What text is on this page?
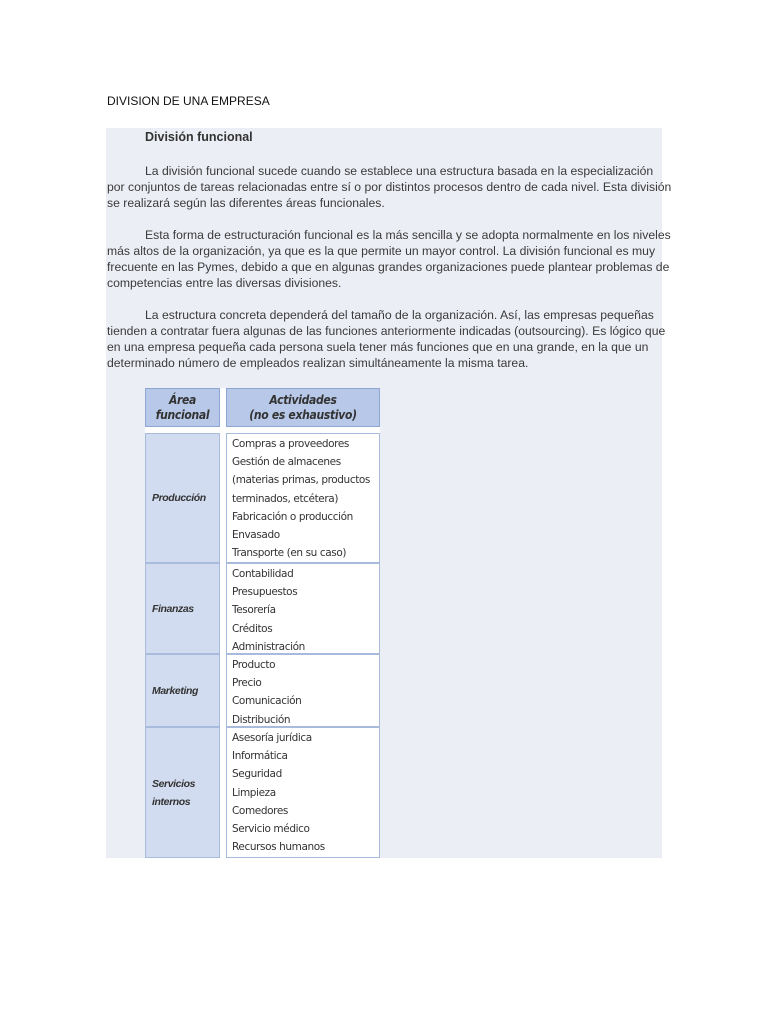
DIVISION DE UNA EMPRESA
División funcional
La división funcional sucede cuando se establece una estructura basada en la especialización
por conjuntos de tareas relacionadas entre sí o por distintos procesos dentro de cada nivel. Esta división
se realizará según las diferentes áreas funcionales.
Esta forma de estructuración funcional es la más sencilla y se adopta normalmente en los niveles
más altos de la organización, ya que es la que permite un mayor control. La división funcional es muy
frecuente en las Pymes, debido a que en algunas grandes organizaciones puede plantear problemas de
competencias entre las diversas divisiones.
La estructura concreta dependerá del tamaño de la organización. Así, las empresas pequeñas
tienden a contratar fuera algunas de las funciones anteriormente indicadas (outsourcing). Es lógico que
en una empresa pequeña cada persona suela tener más funciones que en una grande, en la que un
determinado número de empleados realizan simultáneamente la misma tarea.
Área
funcional
Actividades
(no es exhaustivo)
Producción
Compras a proveedores
Gestión de almacenes
(materias primas, productos
terminados, etcétera)
Fabricación o producción
Envasado
Transporte (en su caso)
Finanzas
Contabilidad
Presupuestos
Tesorería
Créditos
Administración
Marketing
Producto
Precio
Comunicación
Distribución
Servicios
internos
Asesoría jurídica
Informática
Seguridad
Limpieza
Comedores
Servicio médico
Recursos humanos
